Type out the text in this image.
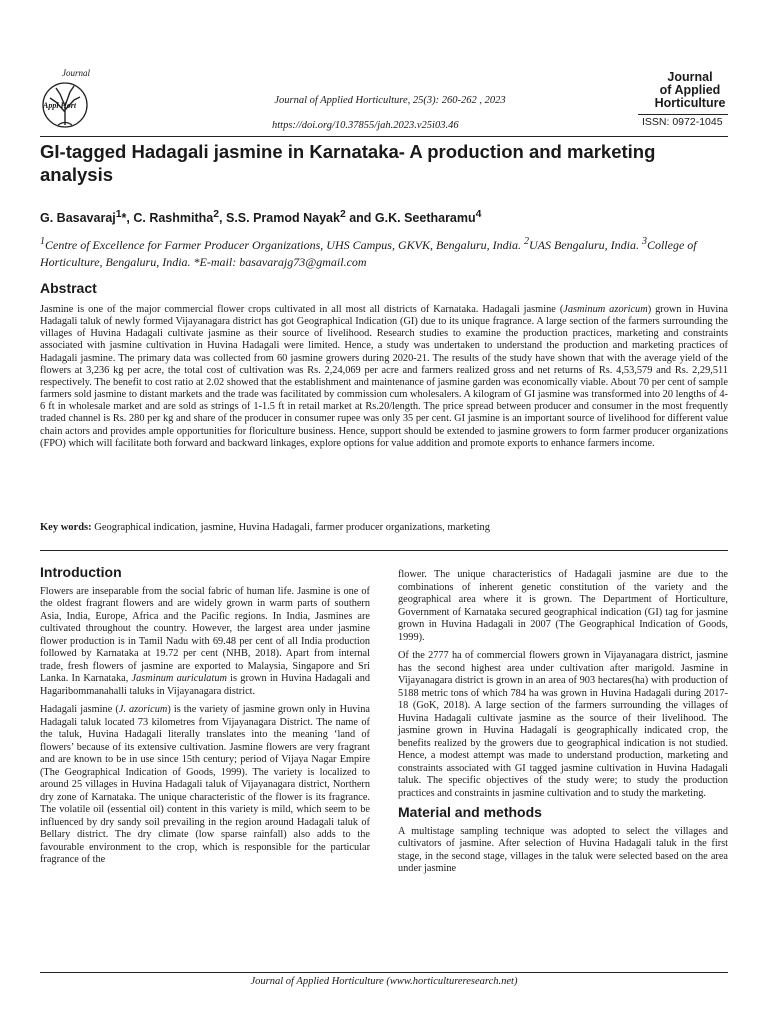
Journal
Appl Hort	Journal of Applied Horticulture, 25(3): 260-262 , 2023
https://doi.org/10.37855/jah.2023.v25i03.46
Journal
of Applied
Horticulture
ISSN: 0972-1045
GI-tagged Hadagali jasmine in Karnataka- A production and marketing analysis
G. Basavaraj$^1$*, C. Rashmitha$^2$, S.S. Pramod Nayak$^2$ and G.K. Seetharamu$^4$
$^1$Centre of Excellence for Farmer Producer Organizations, UHS Campus, GKVK, Bengaluru, India. $^2$UAS Bengaluru, India. $^3$College of Horticulture, Bengaluru, India. *E-mail: basavarajg73@gmail.com
Abstract
Jasmine is one of the major commercial flower crops cultivated in all most all districts of Karnataka. Hadagali jasmine (Jasminum azoricum) grown in Huvina Hadagali taluk of newly formed Vijayanagara district has got Geographical Indication (GI) due to its unique fragrance. A large section of the farmers surrounding the villages of Huvina Hadagali cultivate jasmine as their source of livelihood. Research studies to examine the production practices, marketing and constraints associated with jasmine cultivation in Huvina Hadagali were limited. Hence, a study was undertaken to understand the production and marketing practices of Hadagali jasmine. The primary data was collected from 60 jasmine growers during 2020-21. The results of the study have shown that with the average yield of the flowers at 3,236 kg per acre, the total cost of cultivation was Rs. 2,24,069 per acre and farmers realized gross and net returns of Rs. 4,53,579 and Rs. 2,29,511 respectively. The benefit to cost ratio at 2.02 showed that the establishment and maintenance of jasmine garden was economically viable. About 70 per cent of sample farmers sold jasmine to distant markets and the trade was facilitated by commission cum wholesalers. A kilogram of GI jasmine was transformed into 20 lengths of 4-6 ft in wholesale market and are sold as strings of 1-1.5 ft in retail market at Rs.20/length. The price spread between producer and consumer in the most frequently traded channel is Rs. 280 per kg and share of the producer in consumer rupee was only 35 per cent. GI jasmine is an important source of livelihood for different value chain actors and provides ample opportunities for floriculture business. Hence, support should be extended to jasmine growers to form farmer producer organizations (FPO) which will facilitate both forward and backward linkages, explore options for value addition and promote exports to enhance farmers income.
Key words: Geographical indication, jasmine, Huvina Hadagali, farmer producer organizations, marketing
Introduction

Flowers are inseparable from the social fabric of human life. Jasmine is one of the oldest fragrant flowers and are widely grown in warm parts of southern Asia, India, Europe, Africa and the Pacific regions. In India, Jasmines are cultivated throughout the country. However, the largest area under jasmine flower production is in Tamil Nadu with 69.48 per cent of all India production followed by Karnataka at 19.72 per cent (NHB, 2018). Apart from internal trade, fresh flowers of jasmine are exported to Malaysia, Singapore and Sri Lanka. In Karnataka, Jasminum auriculatum is grown in Huvina Hadagali and Hagaribommanahalli taluks in Vijayanagara district.

Hadagali jasmine (J. azoricum) is the variety of jasmine grown only in Huvina Hadagali taluk located 73 kilometres from Vijayanagara District. The name of the taluk, Huvina Hadagali literally translates into the meaning ‘land of flowers’ because of its extensive cultivation. Jasmine flowers are very fragrant and are known to be in use since 15th century; period of Vijaya Nagar Empire (The Geographical Indication of Goods, 1999). The variety is localized to around 25 villages in Huvina Hadagali taluk of Vijayanagara district, Northern dry zone of Karnataka. The unique characteristic of the flower is its fragrance. The volatile oil (essential oil) content in this variety is mild, which seem to be influenced by dry sandy soil prevailing in the region around Hadagali taluk of Bellary district. The dry climate (low sparse rainfall) also adds to the favourable environment to the crop, which is responsible for the particular fragrance of the

flower. The unique characteristics of Hadagali jasmine are due to the combinations of inherent genetic constitution of the variety and the geographical area where it is grown. The Department of Horticulture, Government of Karnataka secured geographical indication (GI) tag for jasmine grown in Huvina Hadagali in 2007 (The Geographical Indication of Goods, 1999).

Of the 2777 ha of commercial flowers grown in Vijayanagara district, jasmine has the second highest area under cultivation after marigold. Jasmine in Vijayanagara district is grown in an area of 903 hectares(ha) with production of 5188 metric tons of which 784 ha was grown in Huvina Hadagali during 2017-18 (GoK, 2018). A large section of the farmers surrounding the villages of Huvina Hadagali cultivate jasmine as the source of their livelihood. The jasmine grown in Huvina Hadagali is geographically indicated crop, the benefits realized by the growers due to geographical indication is not studied. Hence, a modest attempt was made to understand production, marketing and constraints associated with GI tagged jasmine cultivation in Huvina Hadagali taluk. The specific objectives of the study were; to study the production practices and constraints in jasmine cultivation and to study the marketing.

Material and methods

A multistage sampling technique was adopted to select the villages and cultivators of jasmine. After selection of Huvina Hadagali taluk in the first stage, in the second stage, villages in the taluk were selected based on the area under jasmine

Journal of Applied Horticulture (www.horticultureresearch.net)
